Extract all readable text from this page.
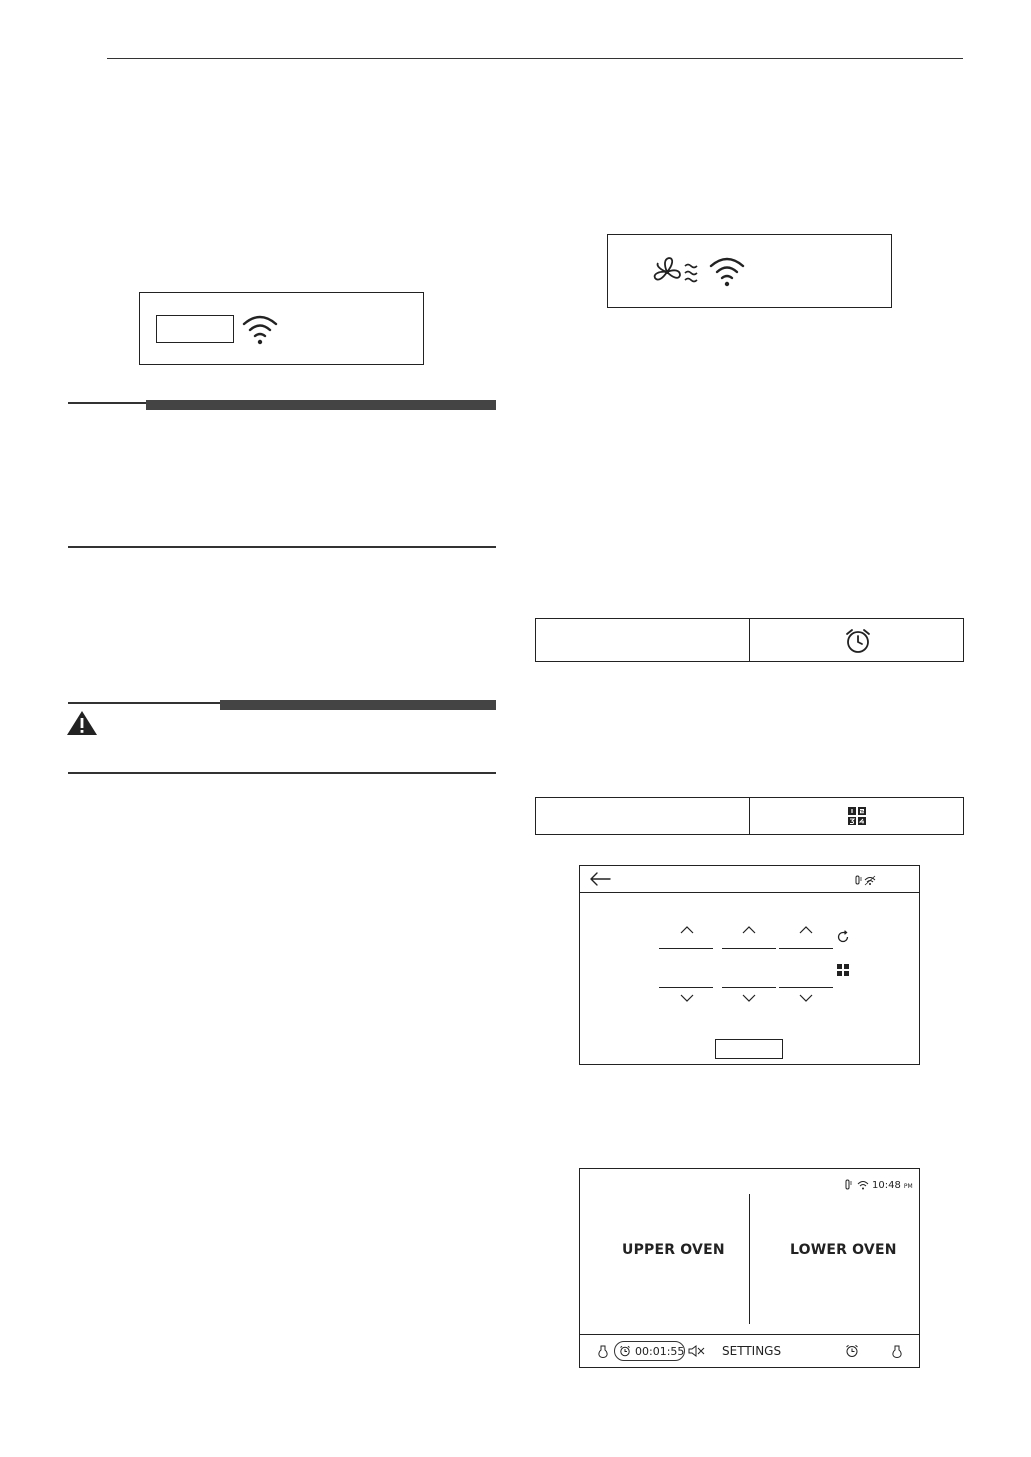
10:48 PM
UPPER OVEN	LOWER OVEN
00:01:55	SETTINGS
